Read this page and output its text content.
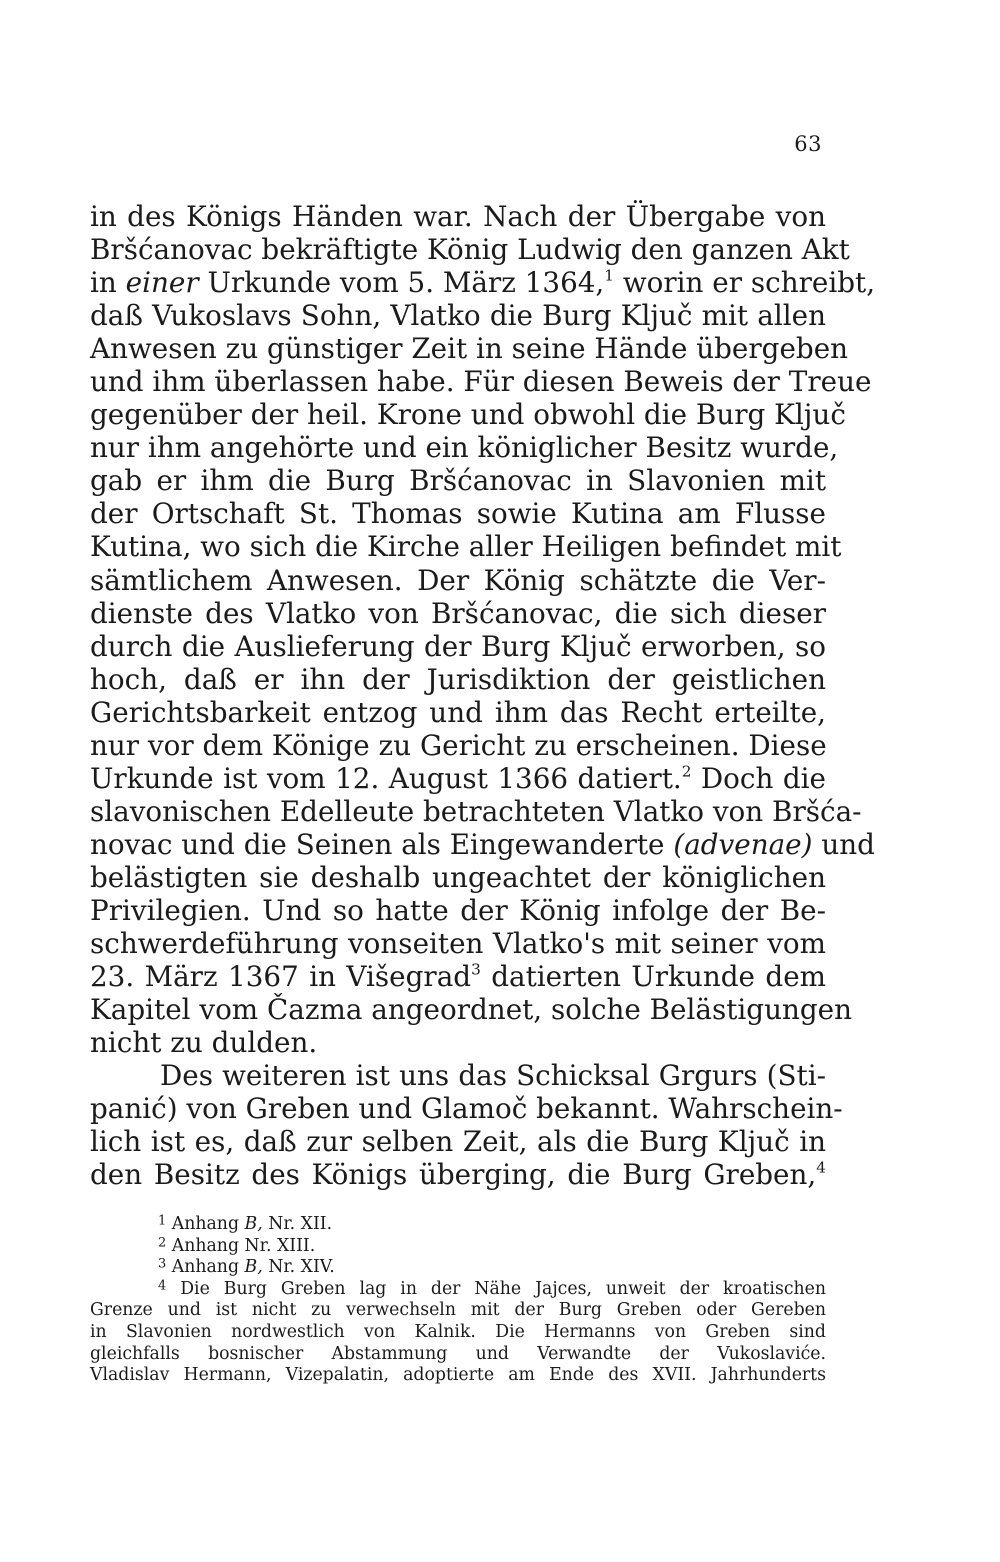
63
in des Königs Händen war. Nach der Übergabe von
Bršćanovac bekräftigte König Ludwig den ganzen Akt
in einer Urkunde vom 5. März 1364,$^1$ worin er schreibt,
daß Vukoslavs Sohn, Vlatko die Burg Ključ mit allen
Anwesen zu günstiger Zeit in seine Hände übergeben
und ihm überlassen habe. Für diesen Beweis der Treue
gegenüber der heil. Krone und obwohl die Burg Ključ
nur ihm angehörte und ein königlicher Besitz wurde,
gab er ihm die Burg Bršćanovac in Slavonien mit
der Ortschaft St. Thomas sowie Kutina am Flusse
Kutina, wo sich die Kirche aller Heiligen befindet mit
sämtlichem Anwesen. Der König schätzte die Ver-
dienste des Vlatko von Bršćanovac, die sich dieser
durch die Auslieferung der Burg Ključ erworben, so
hoch, daß er ihn der Jurisdiktion der geistlichen
Gerichtsbarkeit entzog und ihm das Recht erteilte,
nur vor dem Könige zu Gericht zu erscheinen. Diese
Urkunde ist vom 12. August 1366 datiert.$^2$ Doch die
slavonischen Edelleute betrachteten Vlatko von Bršća-
novac und die Seinen als Eingewanderte (advenae) und
belästigten sie deshalb ungeachtet der königlichen
Privilegien. Und so hatte der König infolge der Be-
schwerdeführung vonseiten Vlatko's mit seiner vom
23. März 1367 in Višegrad$^3$ datierten Urkunde dem
Kapitel vom Čazma angeordnet, solche Belästigungen
nicht zu dulden.
Des weiteren ist uns das Schicksal Grgurs (Sti-
panić) von Greben und Glamoč bekannt. Wahrschein-
lich ist es, daß zur selben Zeit, als die Burg Ključ in
den Besitz des Königs überging, die Burg Greben,$^4$
$^1$ Anhang B, Nr. XII.
$^2$ Anhang Nr. XIII.
$^3$ Anhang B, Nr. XIV.
$^4$ Die Burg Greben lag in der Nähe Jajces, unweit der kroatischen
Grenze und ist nicht zu verwechseln mit der Burg Greben oder Gereben
in Slavonien nordwestlich von Kalnik. Die Hermanns von Greben sind
gleichfalls bosnischer Abstammung und Verwandte der Vukoslavićе.
Vladislav Hermann, Vizepalatin, adoptierte am Ende des XVII. Jahrhunderts
